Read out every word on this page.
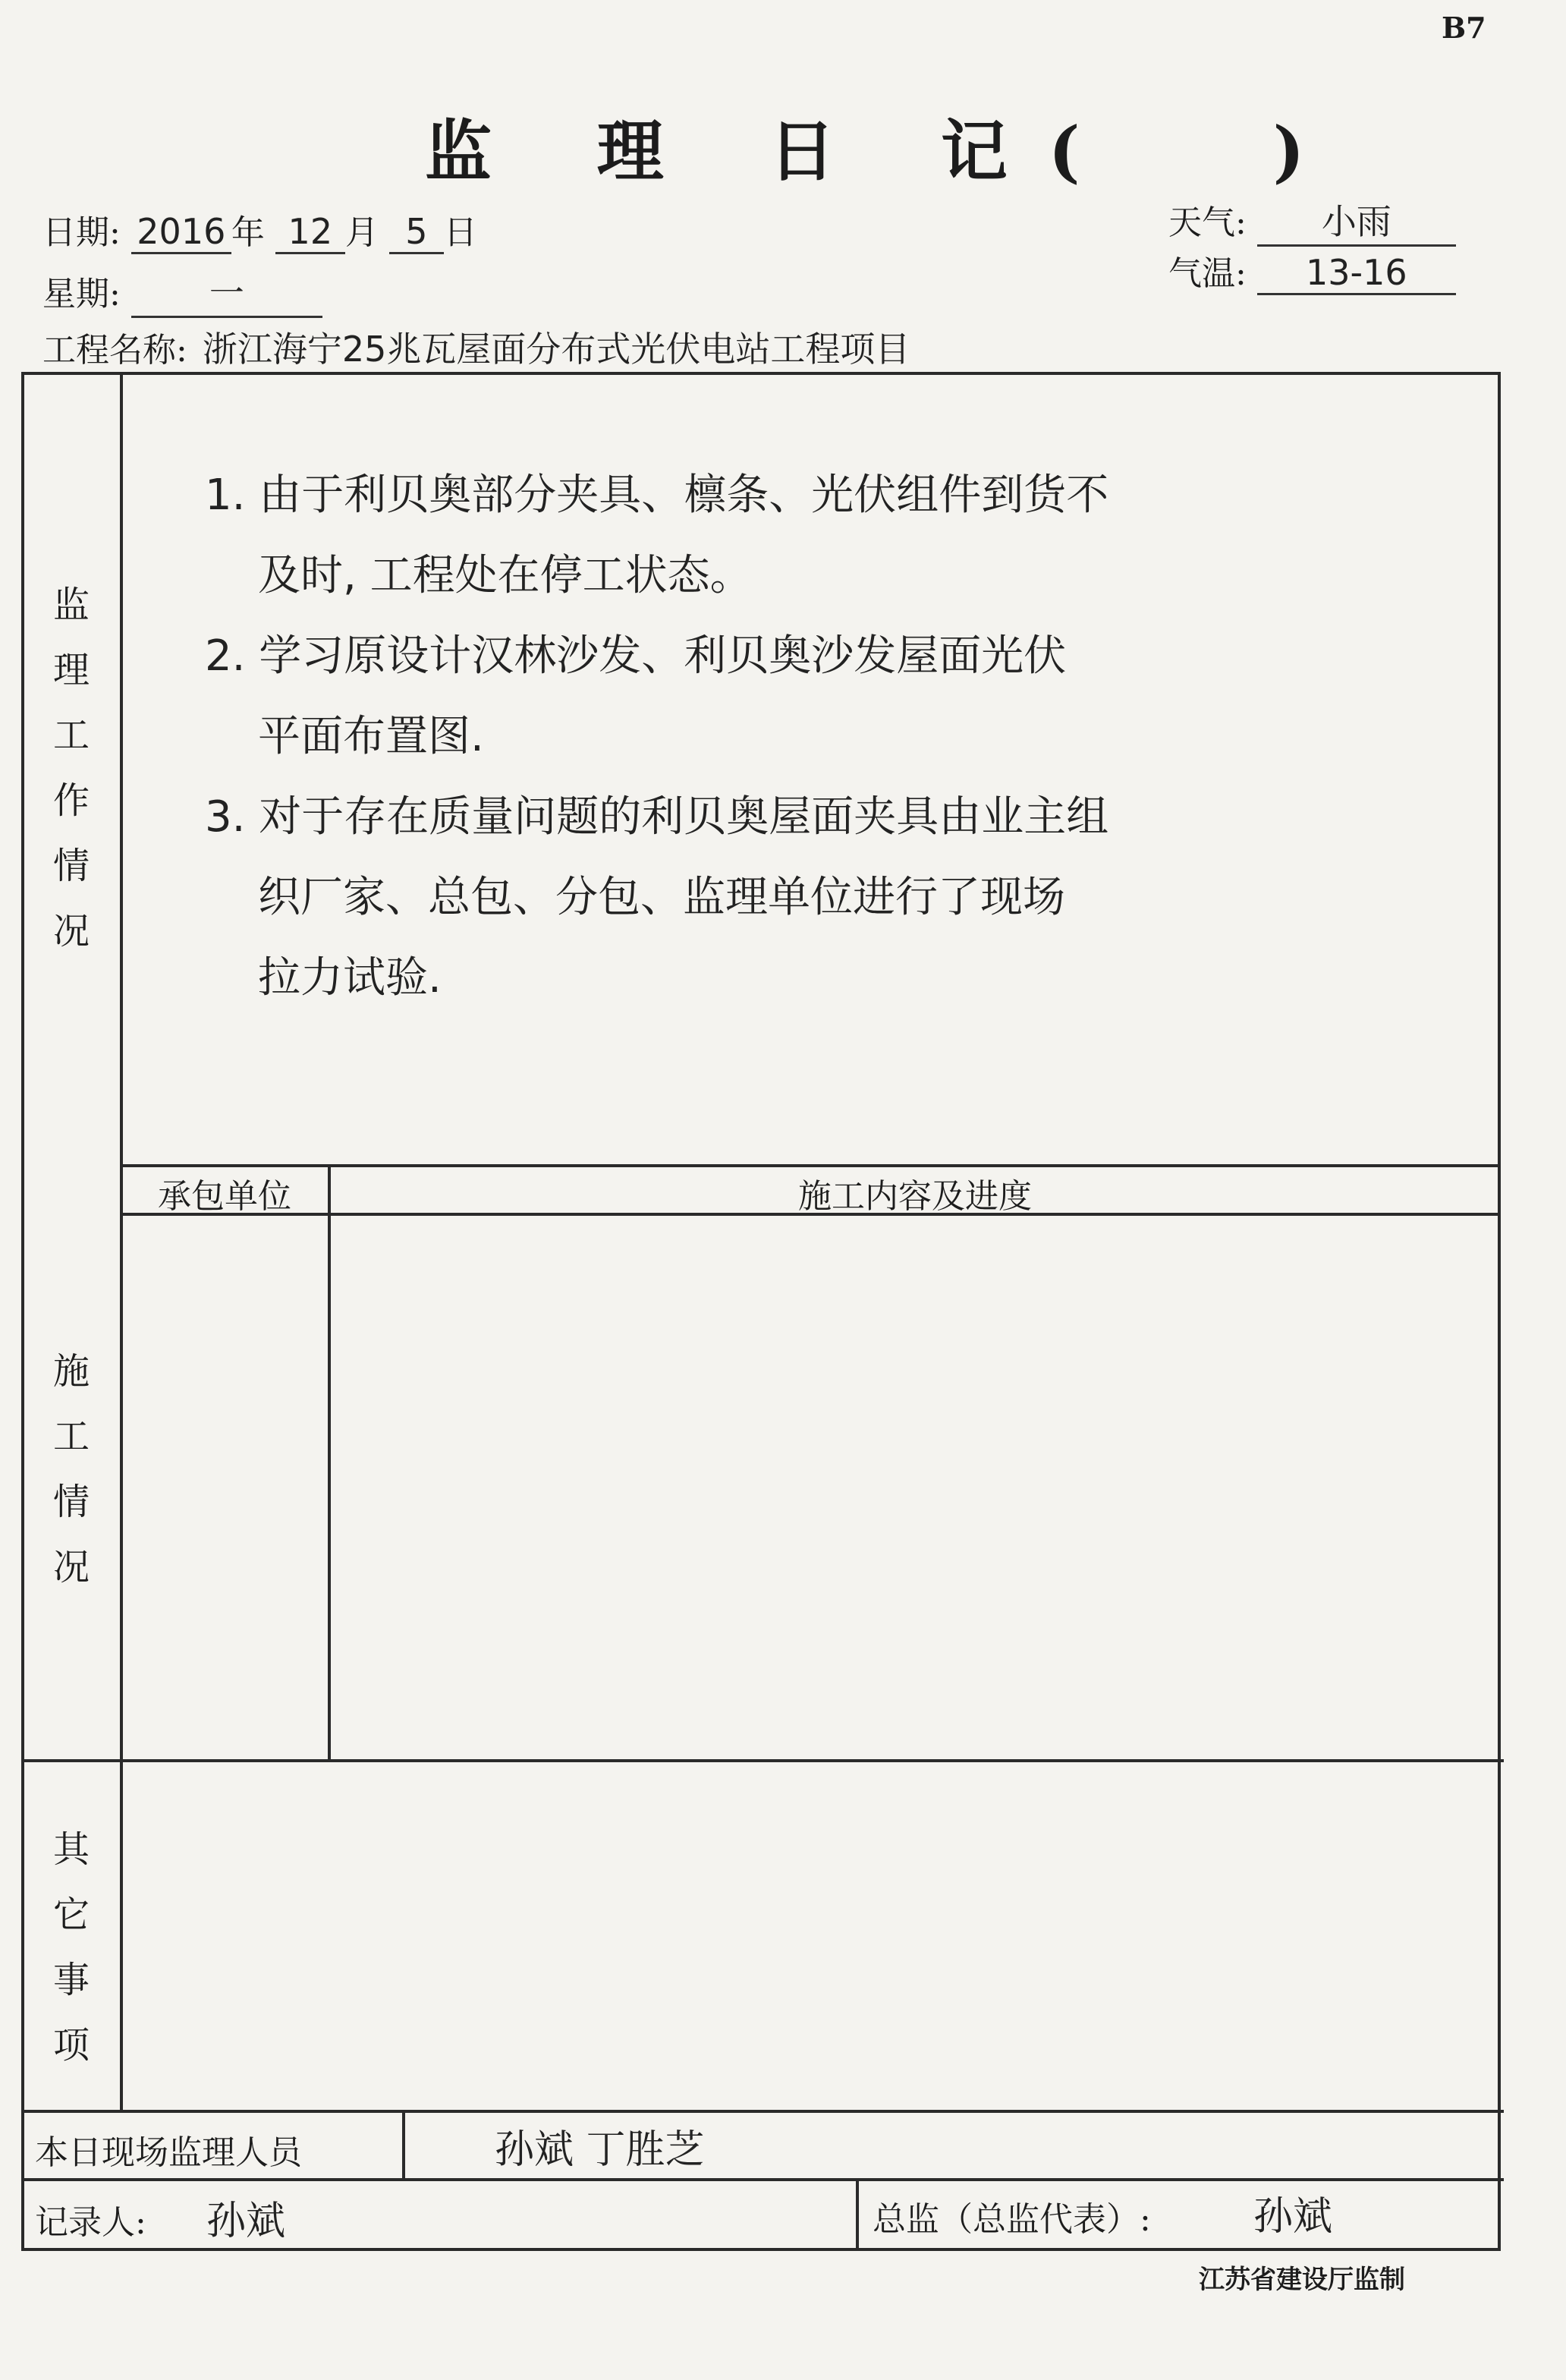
B7
监 理 日 记( )
日期: 2016 年 12 月 5 日
星期:	一
天气: 小雨
气温: 13-16
工程名称: 浙江海宁25兆瓦屋面分布式光伏电站工程项目
监
理
工
作
情
况
施
工
情
况
其
它
事
项
承包单位	施工内容及进度
本日现场监理人员	孙斌 丁胜芝
记录人: 孙斌	总监（总监代表）:	孙斌
1. 由于利贝奥部分夹具、檩条、光伏组件到货不
及时, 工程处在停工状态。
2. 学习原设计汉林沙发、利贝奥沙发屋面光伏
平面布置图.
3. 对于存在质量问题的利贝奥屋面夹具由业主组
织厂家、总包、分包、监理单位进行了现场
拉力试验.
江苏省建设厅监制
